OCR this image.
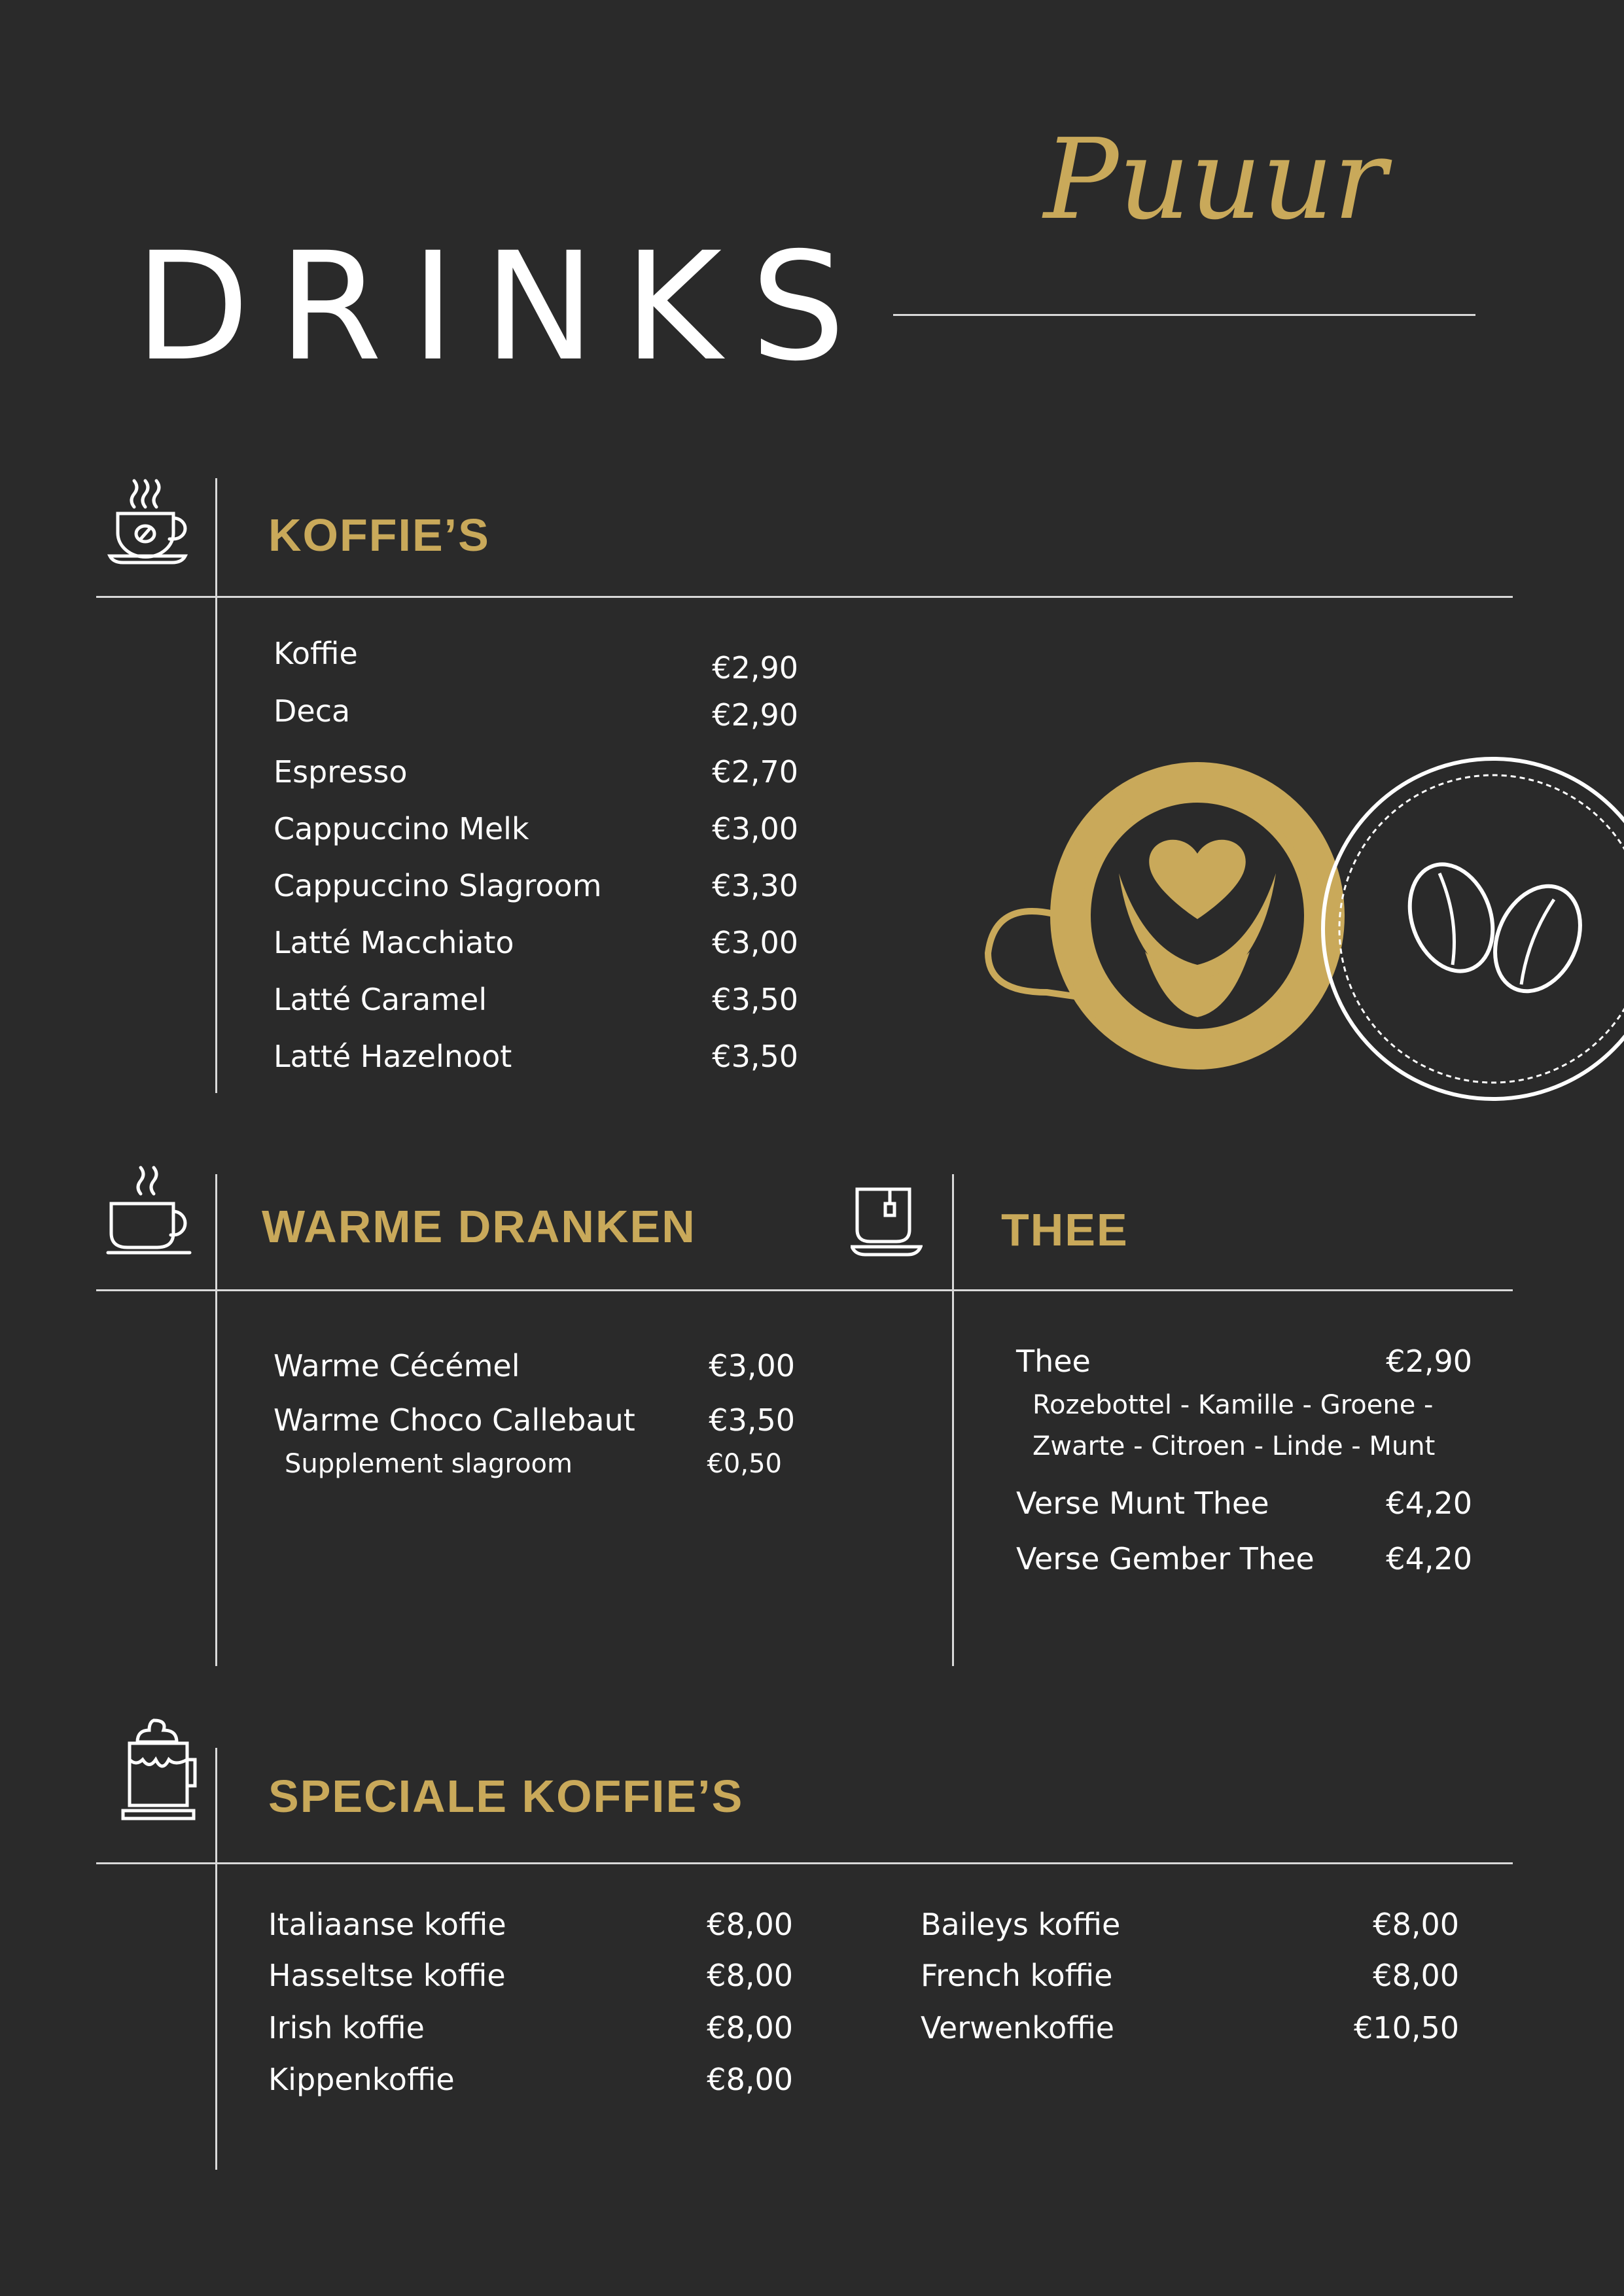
DRINKS
Puuur
KOFFIE’S
Koffie	€2,90
Deca	€2,90
Espresso	€2,70
Cappuccino Melk	€3,00
Cappuccino Slagroom	€3,30
Latté Macchiato	€3,00
Latté Caramel	€3,50
Latté Hazelnoot	€3,50
WARME DRANKEN	THEE
Warme Cécémel	€3,00
Warme Choco Callebaut	€3,50
Supplement slagroom	€0,50
Thee	€2,90
Rozebottel - Kamille - Groene -
Zwarte - Citroen - Linde - Munt
Verse Munt Thee	€4,20
Verse Gember Thee	€4,20
SPECIALE KOFFIE’S
Italiaanse koffie	€8,00
Hasseltse koffie	€8,00
Irish koffie	€8,00
Kippenkoffie	€8,00
Baileys koffie	€8,00
French koffie	€8,00
Verwenkoffie	€10,50
